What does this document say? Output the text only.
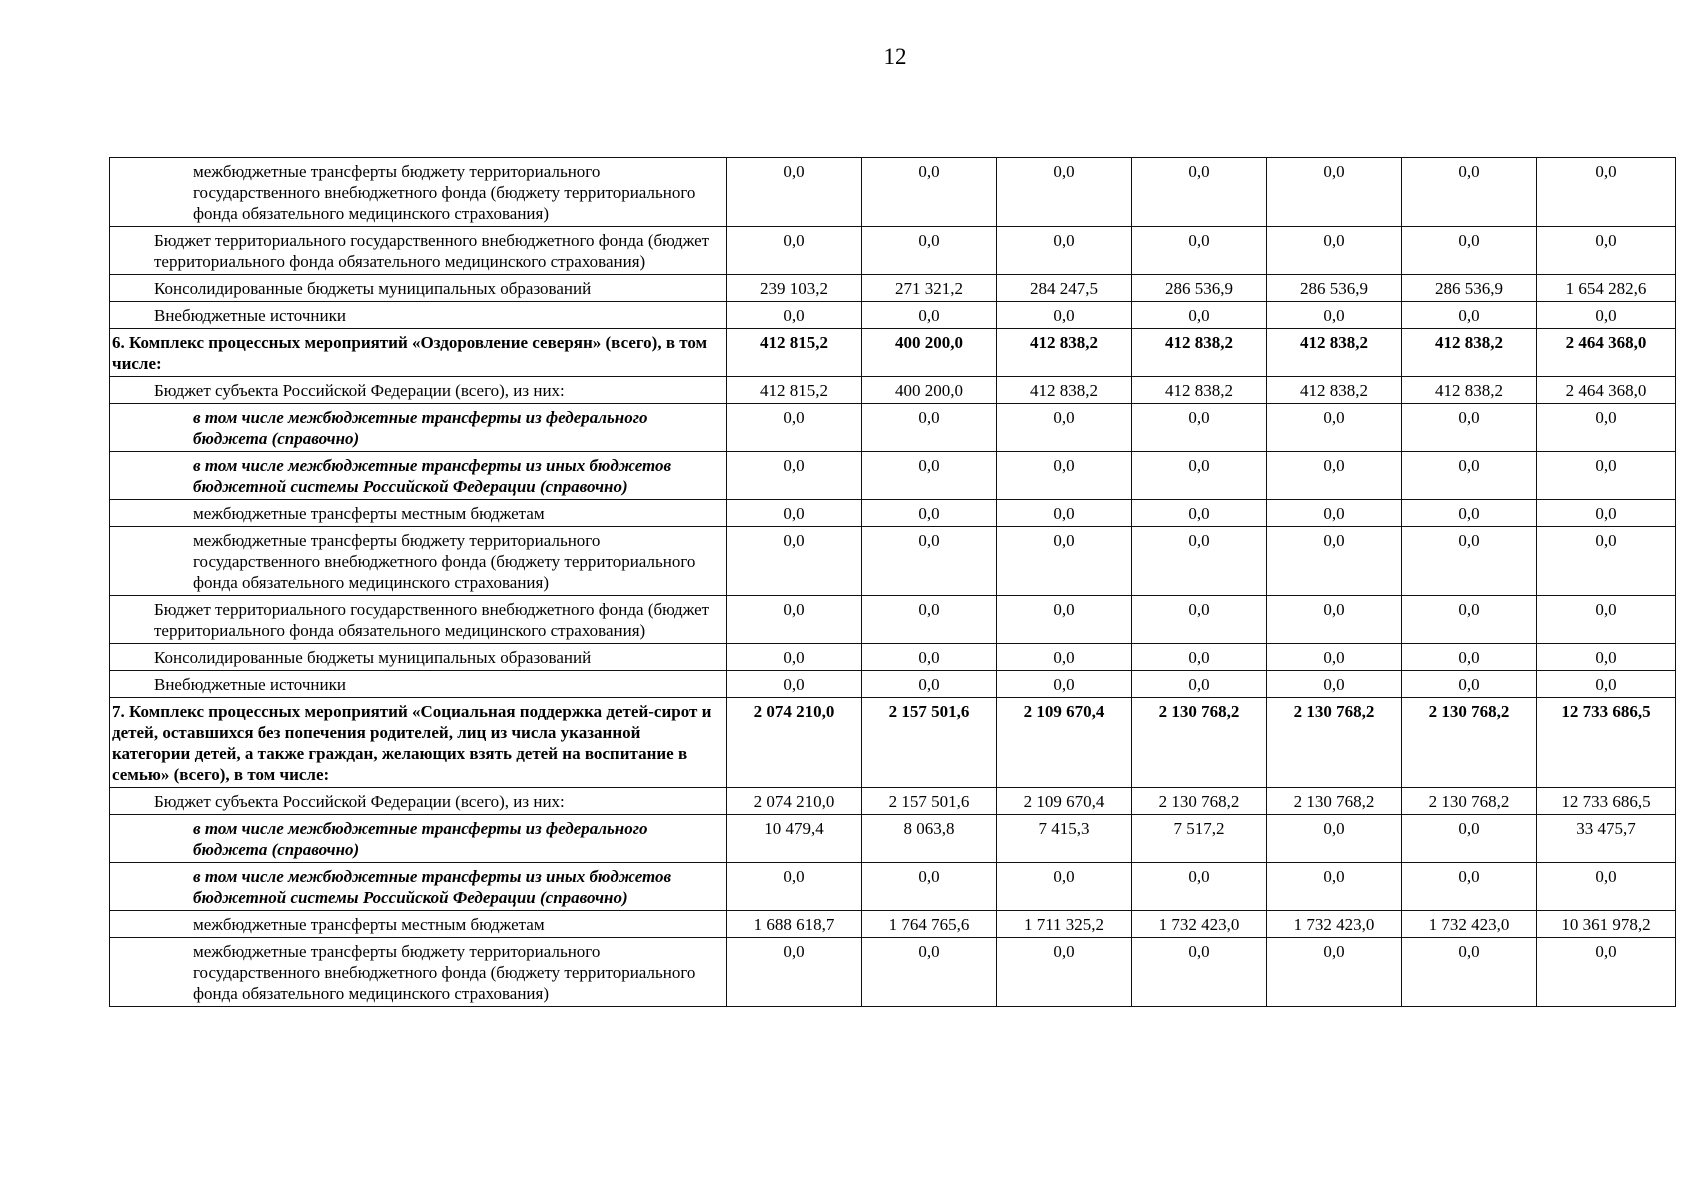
12
межбюджетные трансферты бюджету территориального государственного внебюджетного фонда (бюджету территориального фонда обязательного медицинского страхования)	0,0	0,0	0,0	0,0	0,0	0,0	0,0
Бюджет территориального государственного внебюджетного фонда (бюджет территориального фонда обязательного медицинского страхования)	0,0	0,0	0,0	0,0	0,0	0,0	0,0
Консолидированные бюджеты муниципальных образований	239 103,2	271 321,2	284 247,5	286 536,9	286 536,9	286 536,9	1 654 282,6
Внебюджетные источники	0,0	0,0	0,0	0,0	0,0	0,0	0,0
6. Комплекс процессных мероприятий «Оздоровление северян» (всего), в том числе:	412 815,2	400 200,0	412 838,2	412 838,2	412 838,2	412 838,2	2 464 368,0
Бюджет субъекта Российской Федерации (всего), из них:	412 815,2	400 200,0	412 838,2	412 838,2	412 838,2	412 838,2	2 464 368,0
в том числе межбюджетные трансферты из федерального бюджета (справочно)	0,0	0,0	0,0	0,0	0,0	0,0	0,0
в том числе межбюджетные трансферты из иных бюджетов бюджетной системы Российской Федерации (справочно)	0,0	0,0	0,0	0,0	0,0	0,0	0,0
межбюджетные трансферты местным бюджетам	0,0	0,0	0,0	0,0	0,0	0,0	0,0
межбюджетные трансферты бюджету территориального государственного внебюджетного фонда (бюджету территориального фонда обязательного медицинского страхования)	0,0	0,0	0,0	0,0	0,0	0,0	0,0
Бюджет территориального государственного внебюджетного фонда (бюджет территориального фонда обязательного медицинского страхования)	0,0	0,0	0,0	0,0	0,0	0,0	0,0
Консолидированные бюджеты муниципальных образований	0,0	0,0	0,0	0,0	0,0	0,0	0,0
Внебюджетные источники	0,0	0,0	0,0	0,0	0,0	0,0	0,0
7. Комплекс процессных мероприятий «Социальная поддержка детей-сирот и детей, оставшихся без попечения родителей, лиц из числа указанной категории детей, а также граждан, желающих взять детей на воспитание в семью» (всего), в том числе:	2 074 210,0	2 157 501,6	2 109 670,4	2 130 768,2	2 130 768,2	2 130 768,2	12 733 686,5
Бюджет субъекта Российской Федерации (всего), из них:	2 074 210,0	2 157 501,6	2 109 670,4	2 130 768,2	2 130 768,2	2 130 768,2	12 733 686,5
в том числе межбюджетные трансферты из федерального бюджета (справочно)	10 479,4	8 063,8	7 415,3	7 517,2	0,0	0,0	33 475,7
в том числе межбюджетные трансферты из иных бюджетов бюджетной системы Российской Федерации (справочно)	0,0	0,0	0,0	0,0	0,0	0,0	0,0
межбюджетные трансферты местным бюджетам	1 688 618,7	1 764 765,6	1 711 325,2	1 732 423,0	1 732 423,0	1 732 423,0	10 361 978,2
межбюджетные трансферты бюджету территориального государственного внебюджетного фонда (бюджету территориального фонда обязательного медицинского страхования)	0,0	0,0	0,0	0,0	0,0	0,0	0,0
